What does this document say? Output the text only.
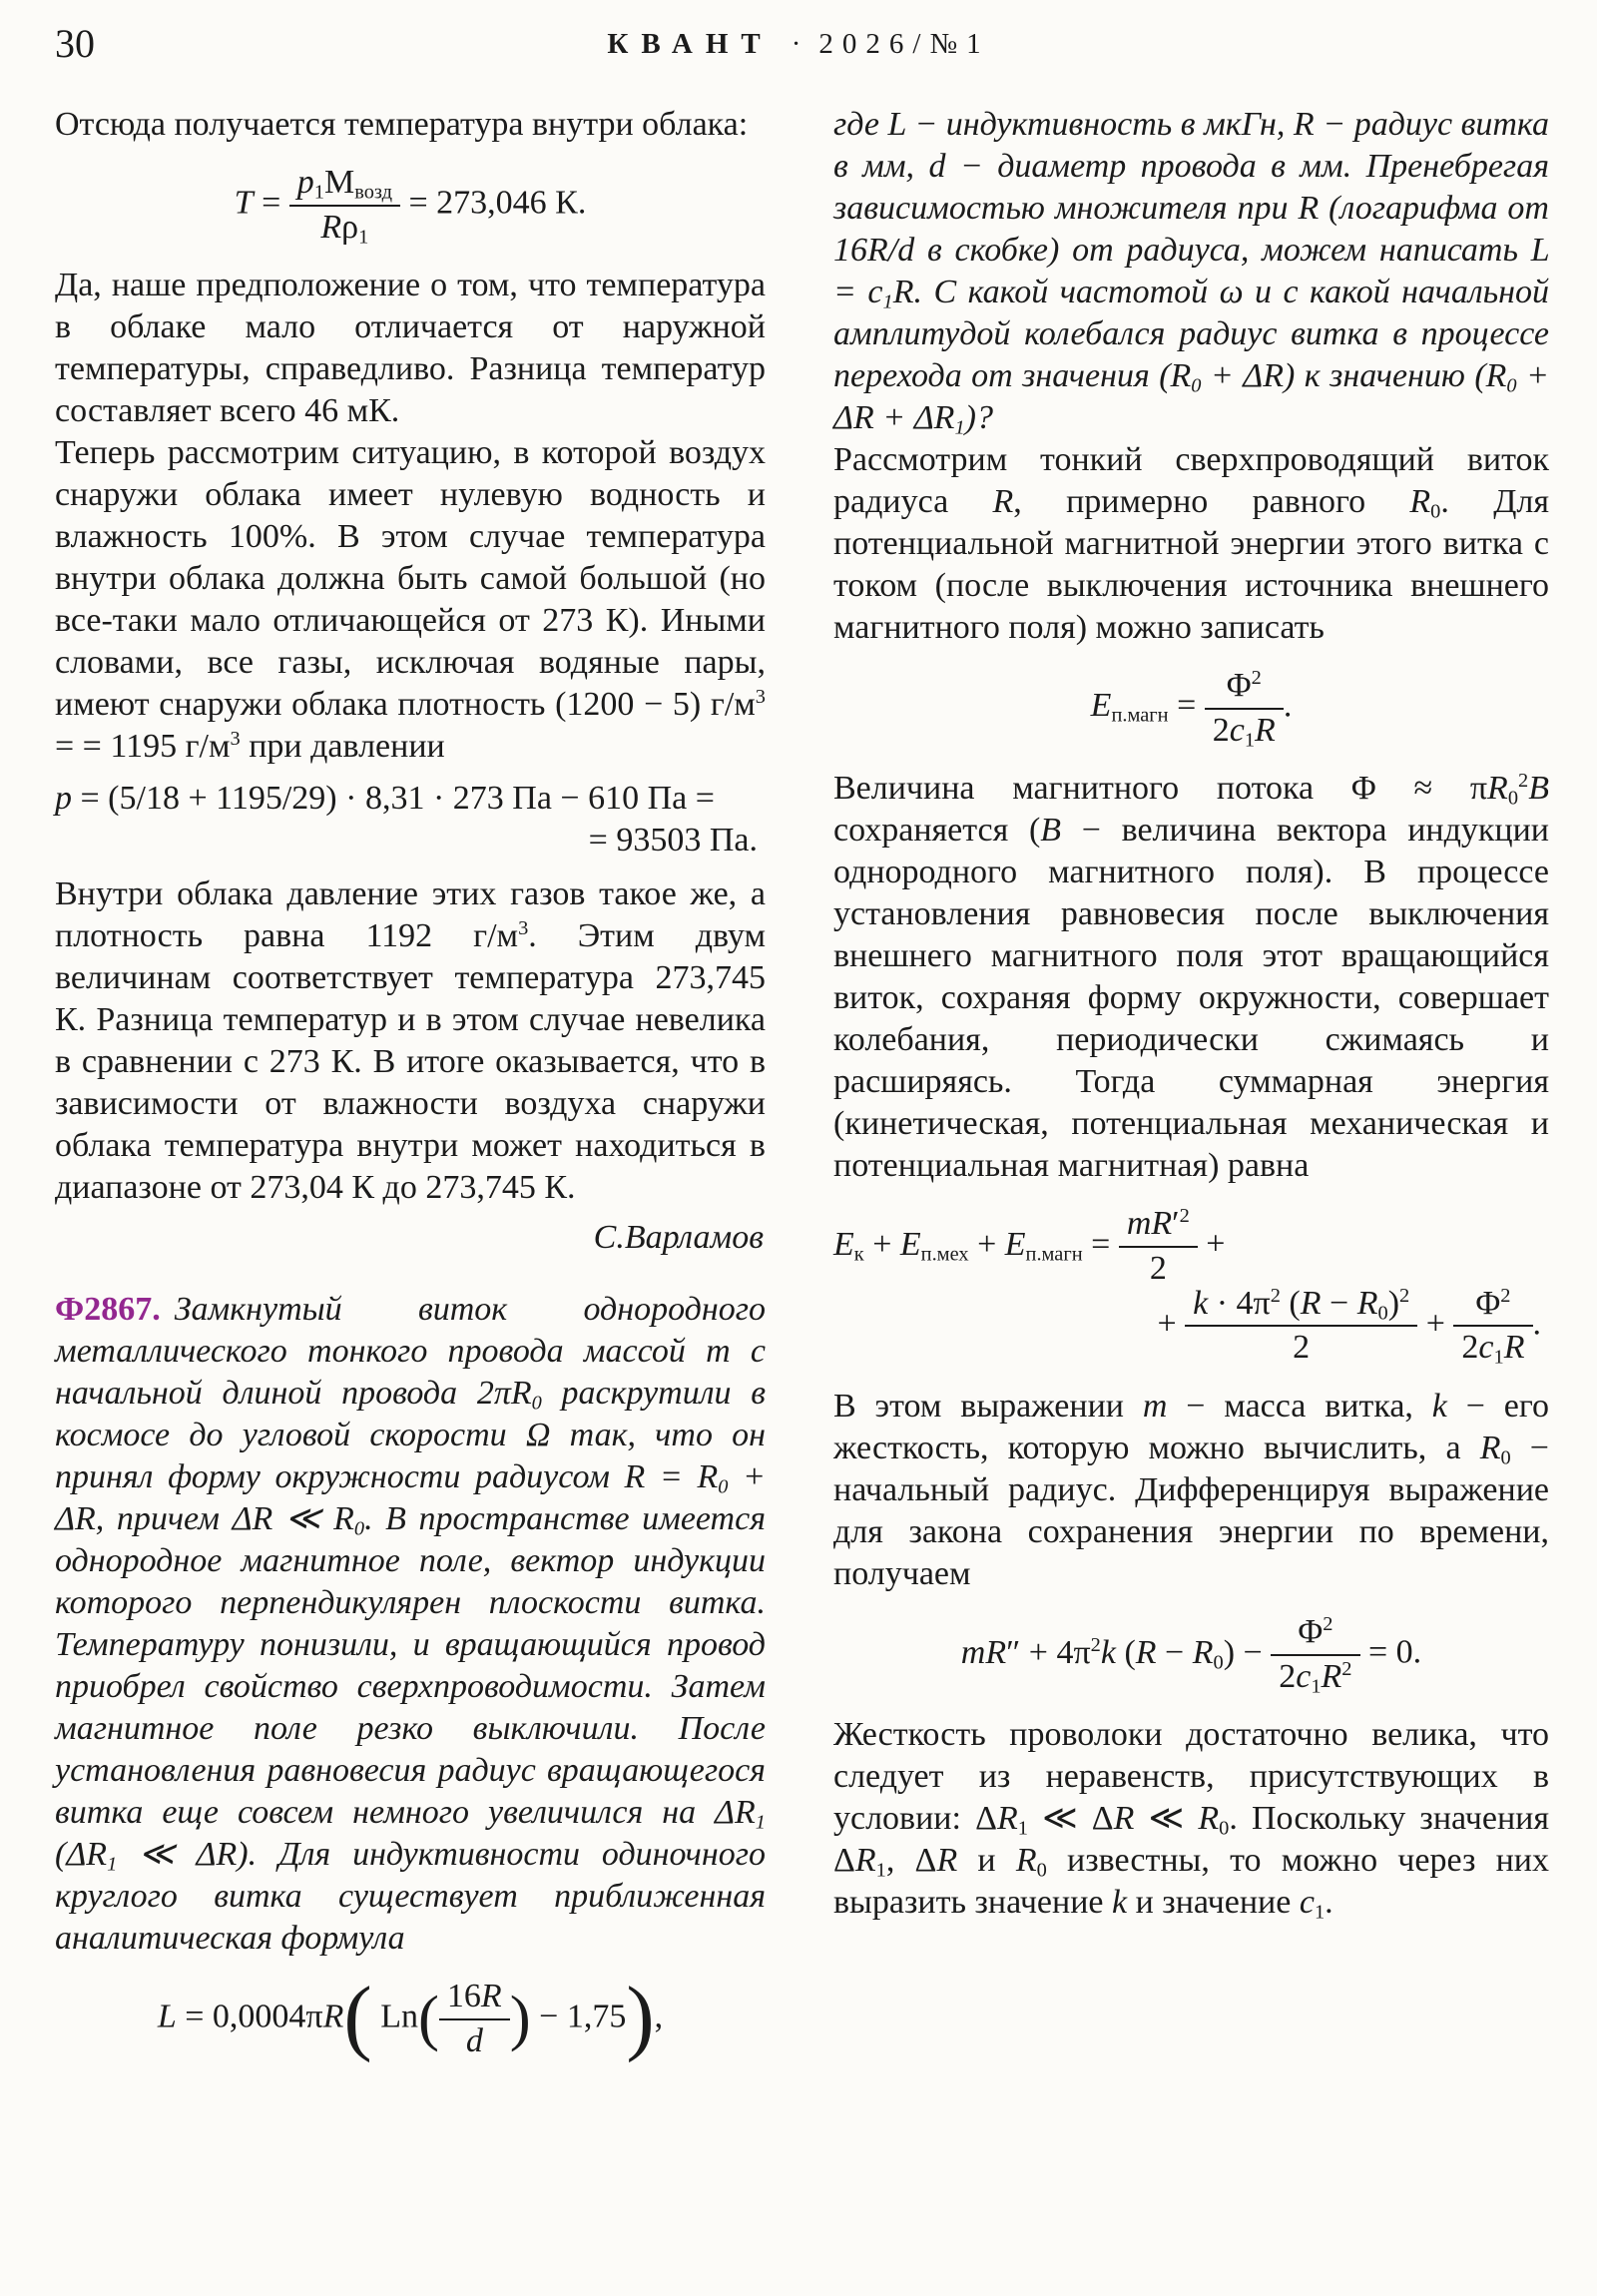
30	КВАНТ · 2026/№1

Отсюда получается температура внутри облака:

$T = \frac{p_1M_{возд}}{R\rho_1} = 273,046$ К.

Да, наше предположение о том, что температура в облаке мало отличается от наружной температуры, справедливо. Разница температур составляет всего 46 мК.

Теперь рассмотрим ситуацию, в которой воздух снаружи облака имеет нулевую водность и влажность 100%. В этом случае температура внутри облака должна быть самой большой (но все-таки мало отличающейся от 273 К). Иными словами, все газы, исключая водяные пары, имеют снаружи облака плотность (1200 − 5) $г/м^3$ = = 1195 $г/м^3$ при давлении

p = (5/18 + 1195/29) · 8,31 · 273 Па − 610 Па =
= 93503 Па.

Внутри облака давление этих газов такое же, а плотность равна 1192 $г/м^3$. Этим двум величинам соответствует температура 273,745 К. Разница температур и в этом случае невелика в сравнении с 273 К. В итоге оказывается, что в зависимости от влажности воздуха снаружи облака температура внутри может находиться в диапазоне от 273,04 К до 273,745 К.

С.Варламов

Ф2867. Замкнутый виток однородного металлического тонкого провода массой m с начальной длиной провода $2\pi R_0$ раскрутили в космосе до угловой скорости Ω так, что он принял форму окружности радиусом $R = R_0 + \Delta R$, причем ΔR ≪ $R_0$. В пространстве имеется однородное магнитное поле, вектор индукции которого перпендикулярен плоскости витка. Температуру понизили, и вращающийся провод приобрел свойство сверхпроводимости. Затем магнитное поле резко выключили. После установления равновесия радиус вращающегося витка еще совсем немного увеличился на $\Delta R_1$ ($\Delta R_1$ ≪ ΔR). Для индуктивности одиночного круглого витка существует приближенная аналитическая формула

L = 0,0004πR( $Ln( \frac{16R}{d}$ ) − 1,75),

где L − индуктивность в мкГн, R − радиус витка в мм, d − диаметр провода в мм. Пренебрегая зависимостью множителя при R (логарифма от 16R/d в скобке) от радиуса, можем написать $L = c_1R$. С какой частотой ω и с какой начальной амплитудой колебался радиус витка в процессе перехода от значения $(R_0 + \Delta R)$ к значению $(R_0 + \Delta R + \Delta R_1)$?

Рассмотрим тонкий сверхпроводящий виток радиуса R, примерно равного $R_0$. Для потенциальной магнитной энергии этого витка с током (после выключения источника внешнего магнитного поля) можно записать

$E_{п.магн} = \frac{\Phi^2}{2c_1R}$ .

Величина магнитного потока $\Phi \approx \pi R_0^2B$ сохраняется (B − величина вектора индукции однородного магнитного поля). В процессе установления равновесия после выключения внешнего магнитного поля этот вращающийся виток, сохраняя форму окружности, совершает колебания, периодически сжимаясь и расширяясь. Тогда суммарная энергия (кинетическая, потенциальная механическая и потенциальная магнитная) равна

$E_к + E_{п.мех} + E_{п.магн} = \frac{mR'^2}{2}$ +
+ $\frac{k \cdot 4\pi^2 (R - R_0)^2}{2} + \frac{\Phi^2}{2c_1R}$ .

В этом выражении m − масса витка, k − его жесткость, которую можно вычислить, а $R_0$ − начальный радиус. Дифференцируя выражение для закона сохранения энергии по времени, получаем

$mR'' + 4\pi^2k$ $(R - R_0) - \frac{\Phi^2}{2c_1R^2} = 0$.

Жесткость проволоки достаточно велика, что следует из неравенств, присутствующих в условии: $\Delta R_1$ ≪ ΔR ≪ $R_0$. Поскольку значения $\Delta R_1$, ΔR и $R_0$ известны, то можно через них выразить значение k и значение $c_1$.
